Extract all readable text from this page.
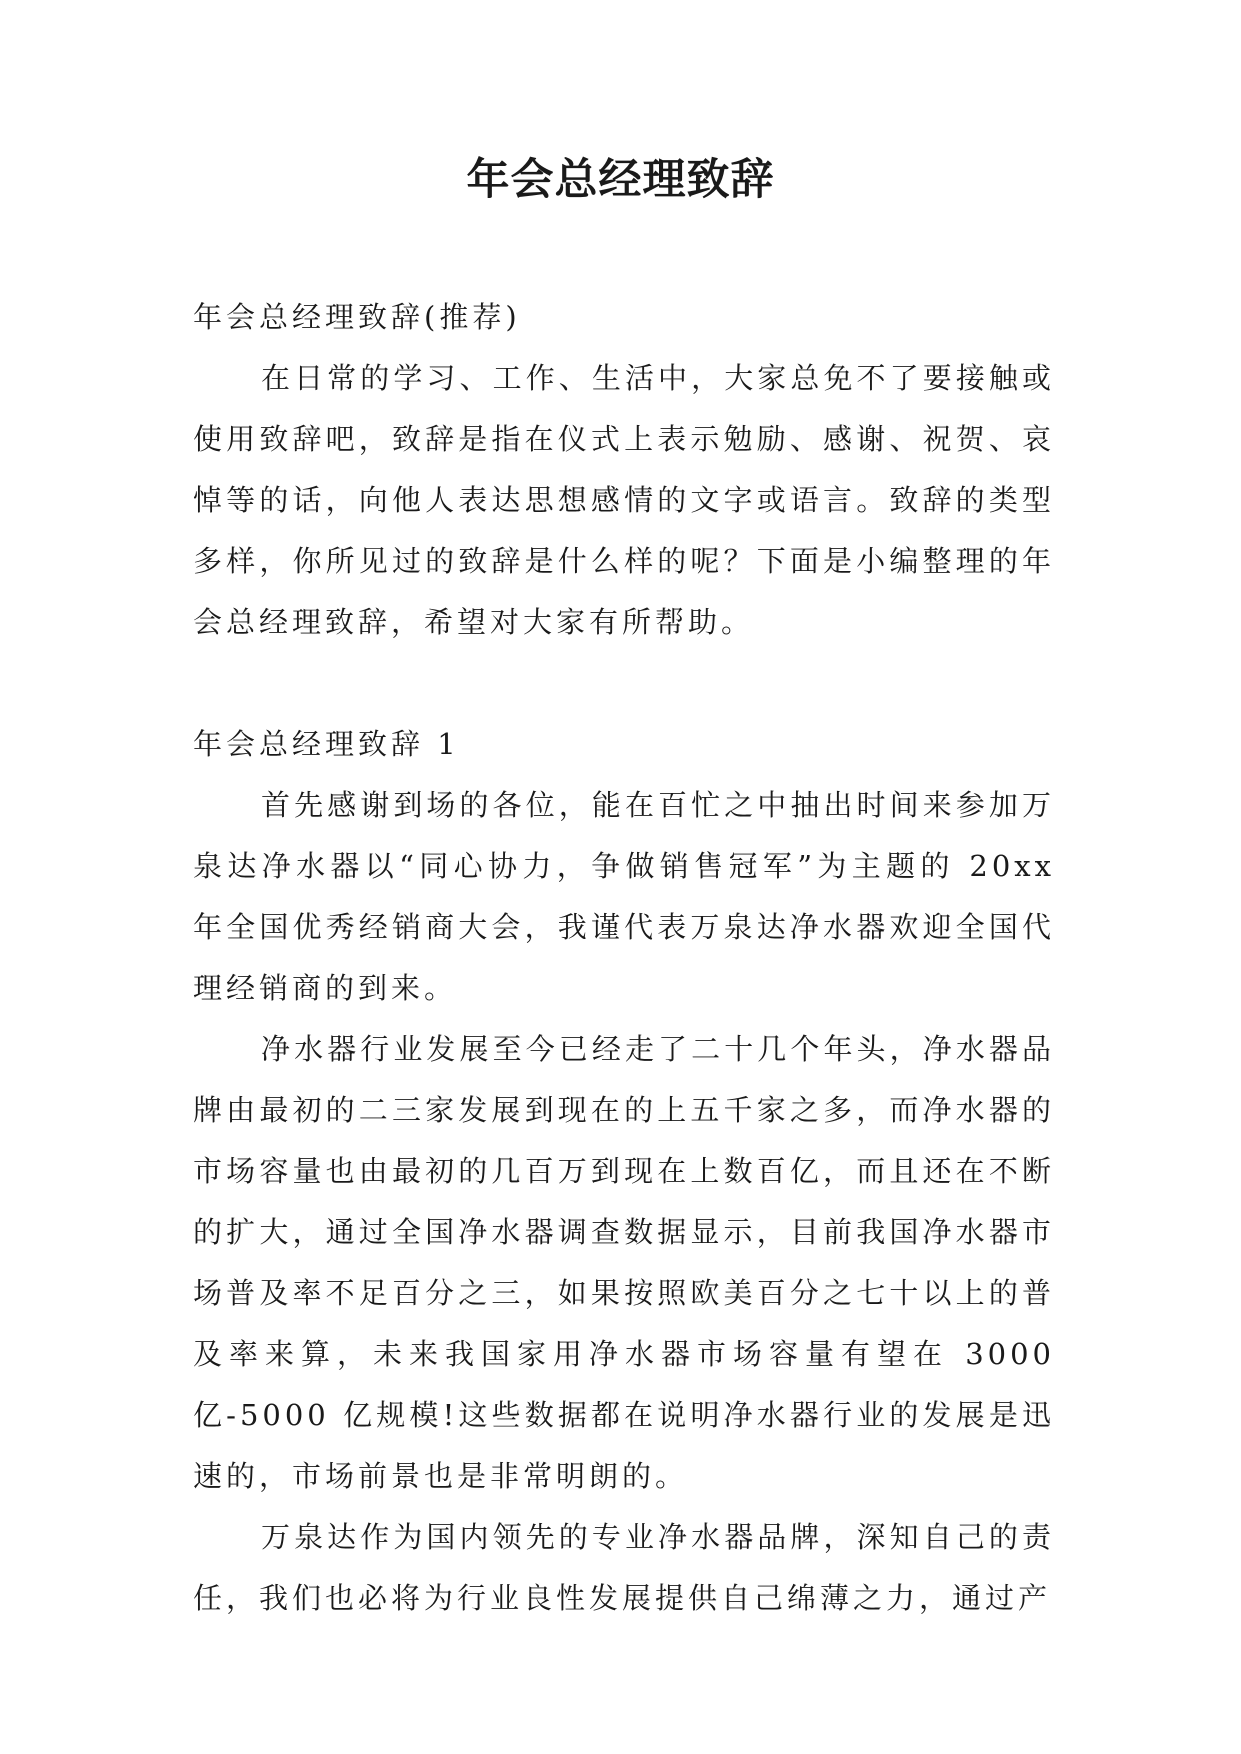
年会总经理致辞

年会总经理致辞(推荐)

在日常的学习、工作、生活中，大家总免不了要接触或使用致辞吧，致辞是指在仪式上表示勉励、感谢、祝贺、哀悼等的话，向他人表达思想感情的文字或语言。致辞的类型多样，你所见过的致辞是什么样的呢？下面是小编整理的年会总经理致辞，希望对大家有所帮助。

年会总经理致辞 1

首先感谢到场的各位，能在百忙之中抽出时间来参加万泉达净水器以“同心协力，争做销售冠军”为主题的 20xx 年全国优秀经销商大会，我谨代表万泉达净水器欢迎全国代理经销商的到来。

净水器行业发展至今已经走了二十几个年头，净水器品牌由最初的二三家发展到现在的上五千家之多，而净水器的市场容量也由最初的几百万到现在上数百亿，而且还在不断的扩大，通过全国净水器调查数据显示，目前我国净水器市场普及率不足百分之三，如果按照欧美百分之七十以上的普及率来算，未来我国家用净水器市场容量有望在 3000 亿-5000 亿规模!这些数据都在说明净水器行业的发展是迅速的，市场前景也是非常明朗的。

万泉达作为国内领先的专业净水器品牌，深知自己的责任，我们也必将为行业良性发展提供自己绵薄之力，通过产
